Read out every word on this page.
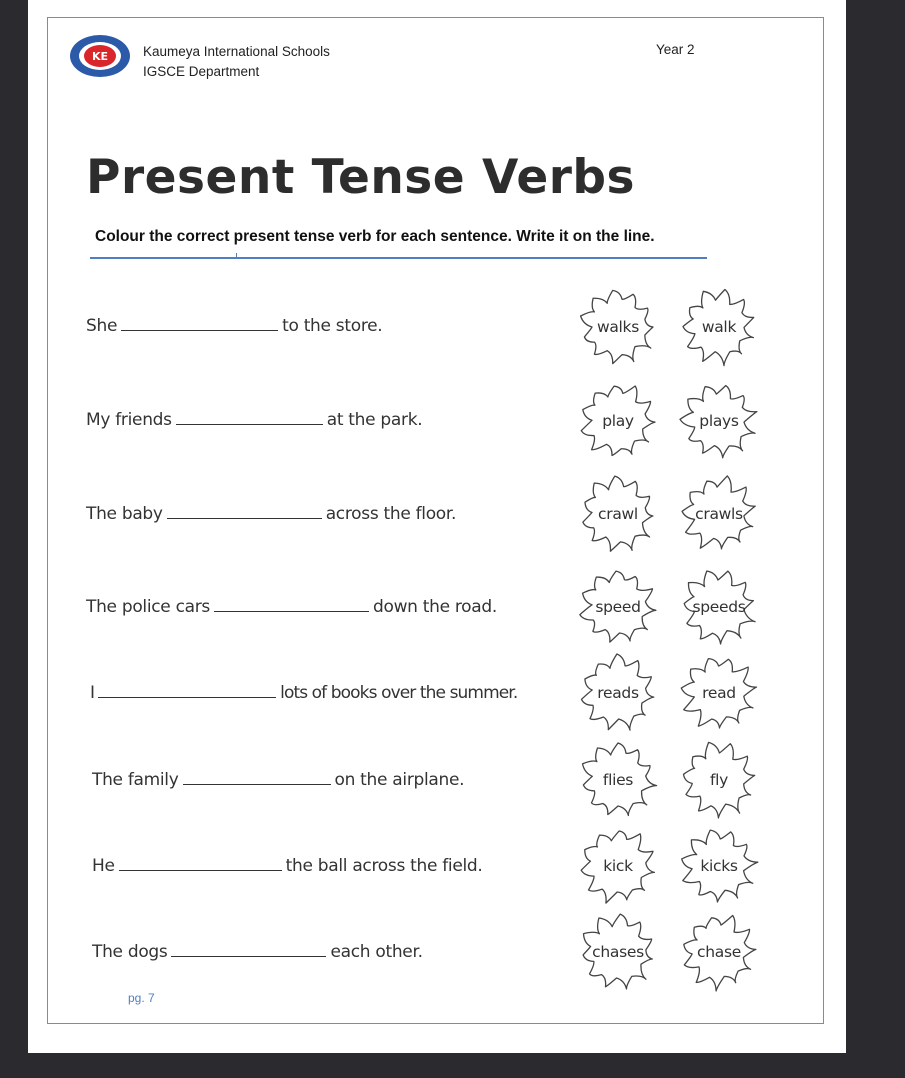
KE	Kaumeya International Schools
IGSCE Department
Year 2
Present Tense Verbs

Colour the correct present tense verb for each sentence. Write it on the line.

She	to the store.
My friends	at the park.
The baby	across the floor.
The police cars	down the road.
I	lots of books over the summer.
The family	on the airplane.
He	the ball across the field.
The dogs	each other.
walks	walk
play	plays
crawl	crawls
speed	speeds
reads	read
flies	fly
kick	kicks
chases	chase
pg. 7
